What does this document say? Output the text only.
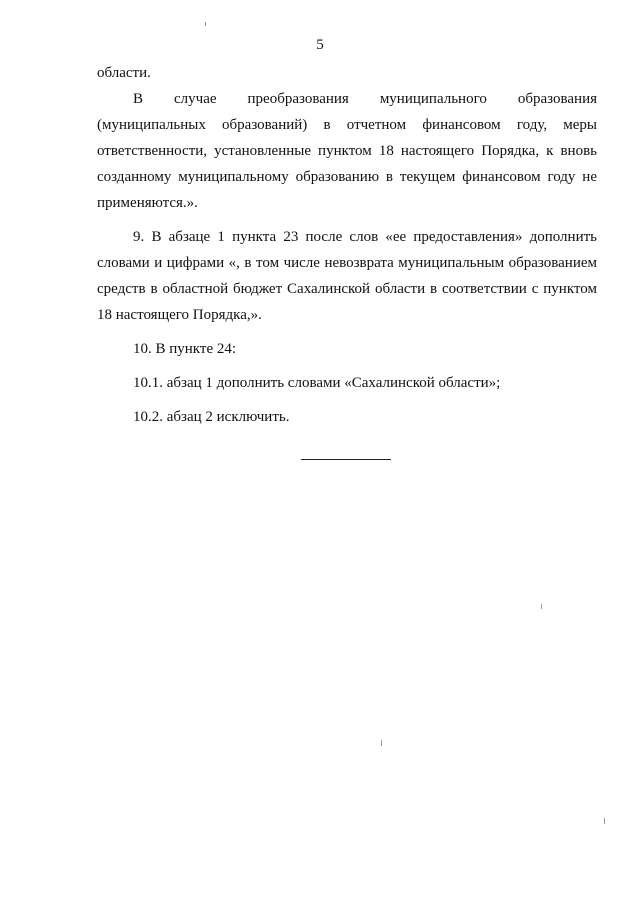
5

области.

В случае преобразования муниципального образования (муниципальных образований) в отчетном финансовом году, меры ответственности, установленные пунктом 18 настоящего Порядка, к вновь созданному муниципальному образованию в текущем финансовом году не применяются.».

9. В абзаце 1 пункта 23 после слов «ее предоставления» дополнить словами и цифрами «, в том числе невозврата муниципальным образованием средств в областной бюджет Сахалинской области в соответствии с пунктом 18 настоящего Порядка,».

10. В пункте 24:

10.1. абзац 1 дополнить словами «Сахалинской области»;

10.2. абзац 2 исключить.
